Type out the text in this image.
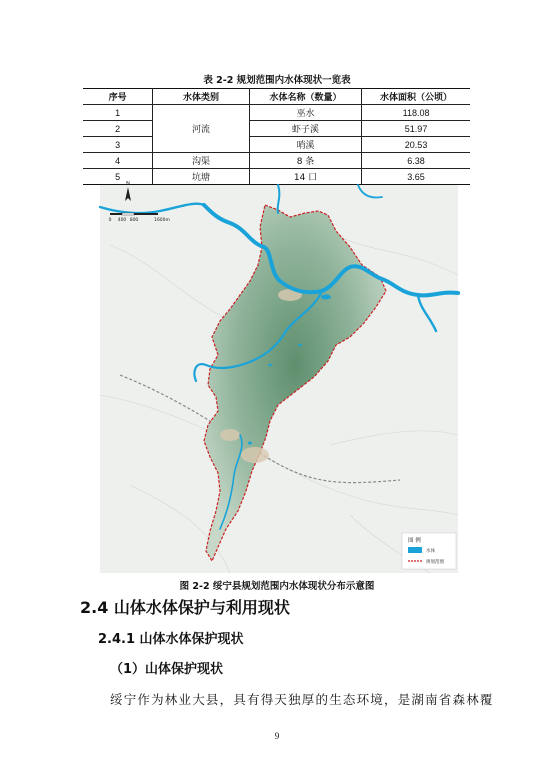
表 2-2 规划范围内水体现状一览表
序号	水体类别	水体名称（数量）	水体面积（公顷）
1	河流	巫水	118.08
2		虾子溪	51.97
3		哨溪	20.53
4	沟渠	8 条	6.38
5	坑塘	14 口	3.65
N
0 400 800	1600m
图 例
水体
规划范围
图 2-2 绥宁县规划范围内水体现状分布示意图
2.4 山体水体保护与利用现状
2.4.1 山体水体保护现状
（1）山体保护现状
绥宁作为林业大县，具有得天独厚的生态环境，是湖南省森林覆
9
